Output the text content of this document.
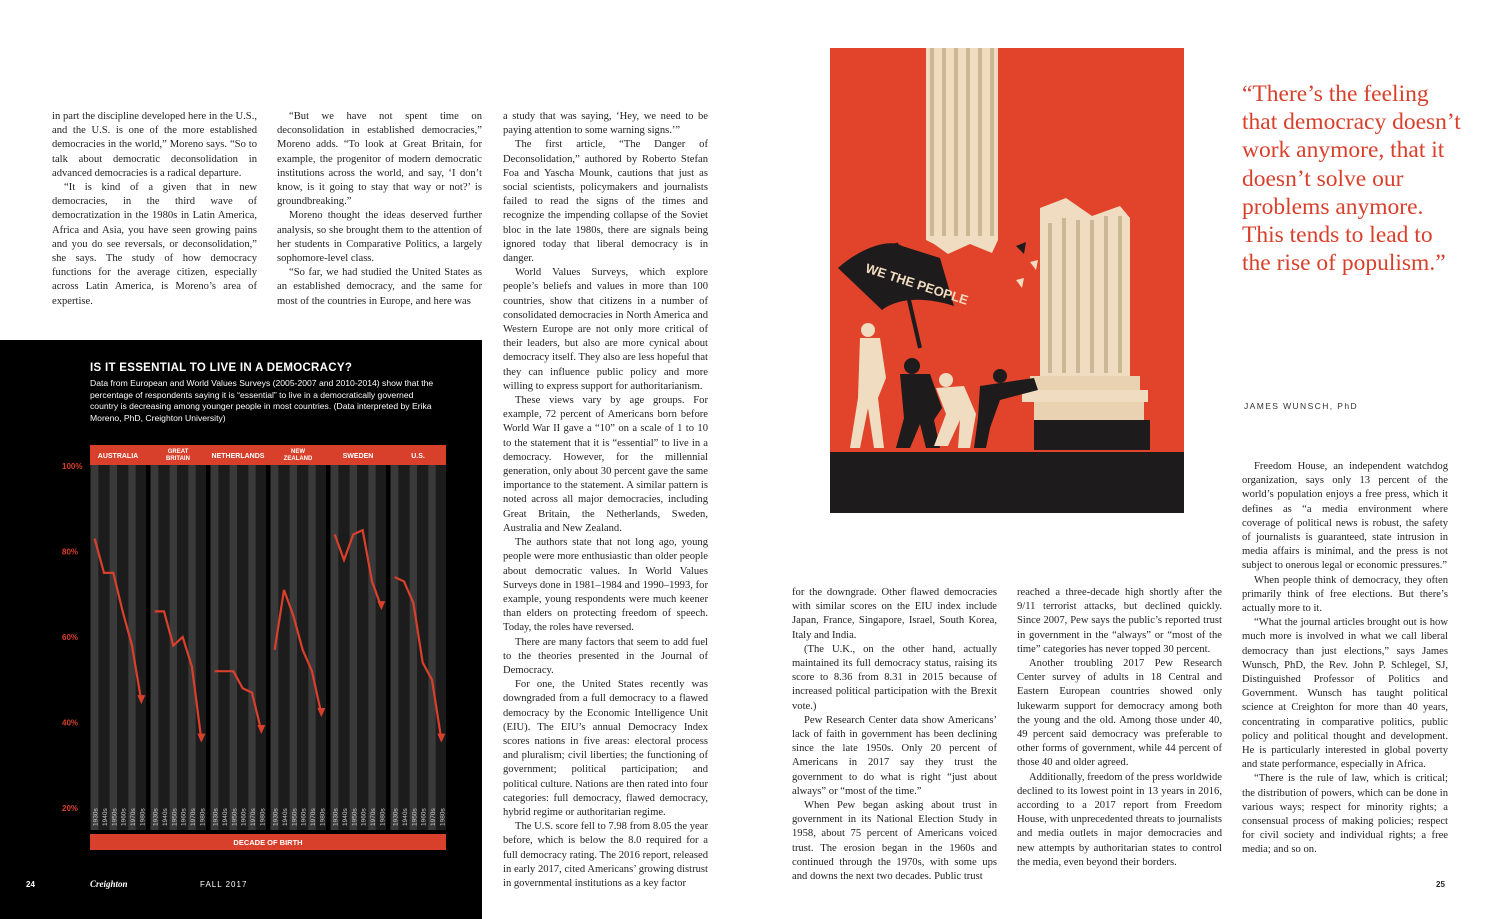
in part the discipline developed here in the U.S., and the U.S. is one of the more established democracies in the world,” Moreno says. “So to talk about democratic deconsolidation in advanced democracies is a radical departure.

“It is kind of a given that in new democracies, in the third wave of democratization in the 1980s in Latin America, Africa and Asia, you have seen growing pains and you do see reversals, or deconsolidation,” she says. The study of how democracy functions for the average citizen, especially across Latin America, is Moreno’s area of expertise.

“But we have not spent time on deconsolidation in established democracies,” Moreno adds. “To look at Great Britain, for example, the progenitor of modern democratic institutions across the world, and say, ‘I don’t know, is it going to stay that way or not?’ is groundbreaking.”

Moreno thought the ideas deserved further analysis, so she brought them to the attention of her students in Comparative Politics, a largely sophomore-level class.

“So far, we had studied the United States as an established democracy, and the same for most of the countries in Europe, and here was

a study that was saying, ‘Hey, we need to be paying attention to some warning signs.’”

The first article, “The Danger of Deconsolidation,” authored by Roberto Stefan Foa and Yascha Mounk, cautions that just as social scientists, policymakers and journalists failed to read the signs of the times and recognize the impending collapse of the Soviet bloc in the late 1980s, there are signals being ignored today that liberal democracy is in danger.

World Values Surveys, which explore people’s beliefs and values in more than 100 countries, show that citizens in a number of consolidated democracies in North America and Western Europe are not only more critical of their leaders, but also are more cynical about democracy itself. They also are less hopeful that they can influence public policy and more willing to express support for authoritarianism.

These views vary by age groups. For example, 72 percent of Americans born before World War II gave a “10” on a scale of 1 to 10 to the statement that it is “essential” to live in a democracy. However, for the millennial generation, only about 30 percent gave the same importance to the statement. A similar pattern is noted across all major democracies, including Great Britain, the Netherlands, Sweden, Australia and New Zealand.

The authors state that not long ago, young people were more enthusiastic than older people about democratic values. In World Values Surveys done in 1981–1984 and 1990–1993, for example, young respondents were much keener than elders on protecting freedom of speech. Today, the roles have reversed.

There are many factors that seem to add fuel to the theories presented in the Journal of Democracy.

For one, the United States recently was downgraded from a full democracy to a flawed democracy by the Economic Intelligence Unit (EIU). The EIU’s annual Democracy Index scores nations in five areas: electoral process and pluralism; civil liberties; the functioning of government; political participation; and political culture. Nations are then rated into four categories: full democracy, flawed democracy, hybrid regime or authoritarian regime.

The U.S. score fell to 7.98 from 8.05 the year before, which is below the 8.0 required for a full democracy rating. The 2016 report, released in early 2017, cited Americans’ growing distrust in governmental institutions as a key factor

IS IT ESSENTIAL TO LIVE IN A DEMOCRACY?
Data from European and World Values Surveys (2005-2007 and 2010-2014) show that the percentage of respondents saying it is “essential” to live in a democratically governed country is decreasing among younger people in most countries. (Data interpreted by Erika Moreno, PhD, Creighton University)
100%
80%
60%
40%
20% 1930s 1940s 1950s 1960s 1970s 1980s
AUSTRALIA
1930s 1940s 1950s 1960s 1970s 1980s
GREAT
BRITAIN
1930s 1940s 1950s 1960s 1970s 1980s
NETHERLANDS
1930s 1940s 1950s 1960s 1970s 1980s
NEW
ZEALAND
1930s 1940s 1950s 1960s 1970s 1980s
SWEDEN
1930s 1940s 1950s 1960s 1970s 1980s
U.S.
DECADE OF BIRTH
WE THE PEOPLE
“There’s the feeling that democracy doesn’t work anymore, that it doesn’t solve our problems anymore. This tends to lead to the rise of populism.”
JAMES WUNSCH, PhD

for the downgrade. Other flawed democracies with similar scores on the EIU index include Japan, France, Singapore, Israel, South Korea, Italy and India.

(The U.K., on the other hand, actually maintained its full democracy status, raising its score to 8.36 from 8.31 in 2015 because of increased political participation with the Brexit vote.)

Pew Research Center data show Americans’ lack of faith in government has been declining since the late 1950s. Only 20 percent of Americans in 2017 say they trust the government to do what is right “just about always” or “most of the time.”

When Pew began asking about trust in government in its National Election Study in 1958, about 75 percent of Americans voiced trust. The erosion began in the 1960s and continued through the 1970s, with some ups and downs the next two decades. Public trust

reached a three-decade high shortly after the 9/11 terrorist attacks, but declined quickly. Since 2007, Pew says the public’s reported trust in government in the “always” or “most of the time” categories has never topped 30 percent.

Another troubling 2017 Pew Research Center survey of adults in 18 Central and Eastern European countries showed only lukewarm support for democracy among both the young and the old. Among those under 40, 49 percent said democracy was preferable to other forms of government, while 44 percent of those 40 and older agreed.

Additionally, freedom of the press worldwide declined to its lowest point in 13 years in 2016, according to a 2017 report from Freedom House, with unprecedented threats to journalists and media outlets in major democracies and new attempts by authoritarian states to control the media, even beyond their borders.

Freedom House, an independent watchdog organization, says only 13 percent of the world’s population enjoys a free press, which it defines as “a media environment where coverage of political news is robust, the safety of journalists is guaranteed, state intrusion in media affairs is minimal, and the press is not subject to onerous legal or economic pressures.”

When people think of democracy, they often primarily think of free elections. But there’s actually more to it.

“What the journal articles brought out is how much more is involved in what we call liberal democracy than just elections,” says James Wunsch, PhD, the Rev. John P. Schlegel, SJ, Distinguished Professor of Politics and Government. Wunsch has taught political science at Creighton for more than 40 years, concentrating in comparative politics, public policy and political thought and development. He is particularly interested in global poverty and state performance, especially in Africa.

“There is the rule of law, which is critical; the distribution of powers, which can be done in various ways; respect for minority rights; a consensual process of making policies; respect for civil society and individual rights; a free media; and so on.

24	Creighton	FALL 2017	25
